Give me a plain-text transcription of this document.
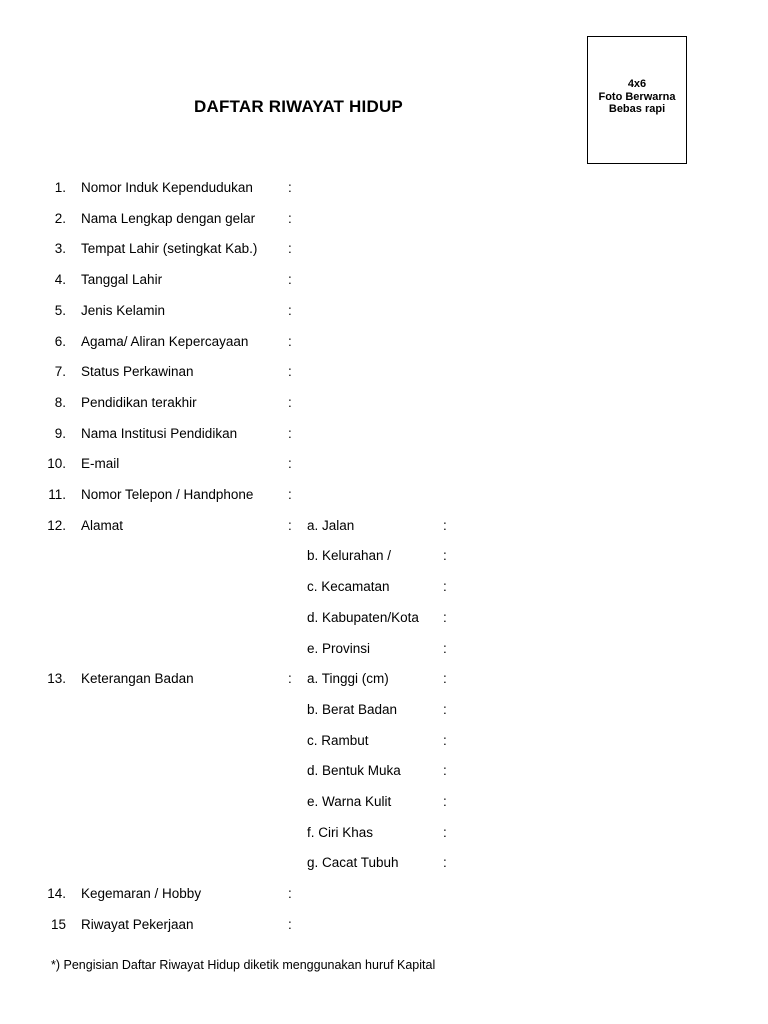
DAFTAR RIWAYAT HIDUP
4x6
Foto Berwarna
Bebas rapi
1. Nomor Induk Kependudukan	:
2. Nama Lengkap dengan gelar :
3. Tempat Lahir (setingkat Kab.) :
4. Tanggal Lahir	:
5. Jenis Kelamin	:
6. Agama/ Aliran Kepercayaan	:
7. Status Perkawinan	:
8. Pendidikan terakhir	:
9. Nama Institusi Pendidikan	:
10. E-mail	:
11. Nomor Telepon / Handphone	:
12. Alamat	: a. Jalan	:
b. Kelurahan /	:
c. Kecamatan	:
d. Kabupaten/Kota :
e. Provinsi	:
13. Keterangan Badan	: a. Tinggi (cm)	:
b. Berat Badan	:
c. Rambut	:
d. Bentuk Muka	:
e. Warna Kulit	:
f. Ciri Khas	:
g. Cacat Tubuh	:
14. Kegemaran / Hobby	:
15 Riwayat Pekerjaan	:
*) Pengisian Daftar Riwayat Hidup diketik menggunakan huruf Kapital
